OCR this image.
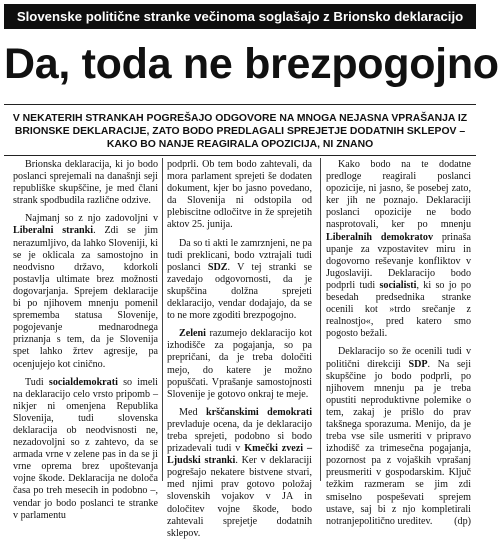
Slovenske politične stranke večinoma soglašajo z Brionsko deklaracijo
Da, toda ne brezpogojno

V NEKATERIH STRANKAH POGREŠAJO ODGOVORE NA MNOGA NEJASNA VPRAŠANJA IZ BRIONSKE DEKLARACIJE, ZATO BODO PREDLAGALI SPREJETJE DODATNIH SKLEPOV – KAKO BO NANJE REAGIRALA OPOZICIJA, NI ZNANO

Brionska deklaracija, ki jo bodo poslanci sprejemali na današnji seji republiške skupščine, je med člani strank spodbudila različne odzive.

Najmanj so z njo zadovoljni v Liberalni stranki. Zdi se jim nerazumljivo, da lahko Sloveniji, ki se je oklicala za samostojno in neodvisno državo, kdorkoli postavlja ultimate brez možnosti dogovarjanja. Sprejem deklaracije bi po njihovem mnenju pomenil sprememba statusa Slovenije, pogojevanje mednarodnega priznanja s tem, da je Slovenija spet lahko žrtev agresije, pa ocenjujejo kot cinično.

Tudi socialdemokrati so imeli na deklaracijo celo vrsto pripomb – nikjer ni omenjena Republika Slovenija, tudi slovenska deklaracija ob neodvisnosti ne, nezadovoljni so z zahtevo, da se armada vrne v zelene pas in da se ji vrne oprema brez upoštevanja vojne škode. Deklaracija ne določa časa po treh mesecih in podobno –, vendar jo bodo poslanci te stranke v parlamentu

podprli. Ob tem bodo zahtevali, da mora parlament sprejeti še dodaten dokument, kjer bo jasno povedano, da Slovenija ni odstopila od plebiscitne odločitve in že sprejetih aktov 25. junija.

Da so ti akti le zamrznjeni, ne pa tudi preklicani, bodo vztrajali tudi poslanci SDZ. V tej stranki se zavedajo odgovornosti, da je skupščina dolžna sprejeti deklaracijo, vendar dodajajo, da se to ne more zgoditi brezpogojno.

Zeleni razumejo deklaracijo kot izhodišče za pogajanja, so pa prepričani, da je treba določiti mejo, do katere je možno popuščati. Vprašanje samostojnosti Slovenije je gotovo onkraj te meje.

Med krščanskimi demokrati prevladuje ocena, da je deklaracijo treba sprejeti, podobno si bodo prizadevali tudi v Kmečki zvezi – Ljudski stranki. Ker v deklaraciji pogrešajo nekatere bistvene stvari, med njimi prav gotovo položaj slovenskih vojakov v JA in določitev vojne škode, bodo zahtevali sprejetje dodatnih sklepov.

Kako bodo na te dodatne predloge reagirali poslanci opozicije, ni jasno, še posebej zato, ker jih ne poznajo. Deklaraciji poslanci opozicije ne bodo nasprotovali, ker po mnenju Liberalnih demokratov prinaša upanje za vzpostavitev miru in dogovorno reševanje konfliktov v Jugoslaviji. Deklaracijo bodo podprli tudi socialisti, ki so jo po besedah predsednika stranke ocenili kot »trdo srečanje z realnostjo«, pred katero smo pogosto bežali.

Deklaracijo so že ocenili tudi v politični direkciji SDP. Na seji skupščine jo bodo podprli, po njihovem mnenju pa je treba opustiti neproduktivne polemike o tem, zakaj je prišlo do prav takšnega sporazuma. Menijo, da je treba vse sile usmeriti v pripravo izhodišč za trimesečna pogajanja, pozornost pa z vojaških vprašanj preusmeriti v gospodarskim. Ključ težkim razmeram se jim zdi smiselno pospeševati sprejem ustave, saj bi z njo kompletirali notranjepolitično ureditev.	(dp)
